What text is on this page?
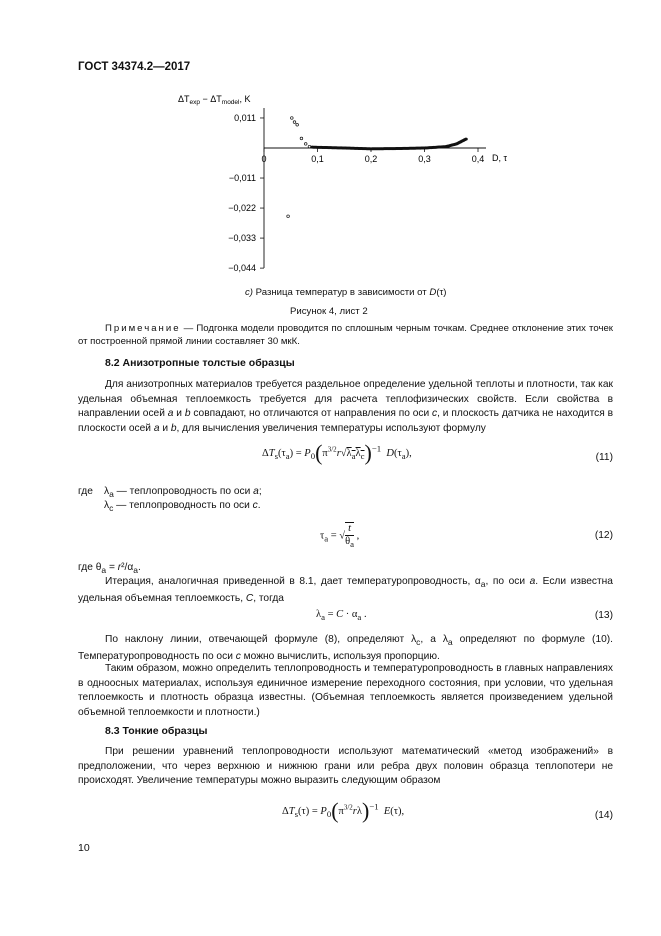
ГОСТ 34374.2—2017
$\Delta T_{exp} - \Delta T_{model}$, K
0	0,1	0,2	0,3	0,4
0,011
−0,011
−0,022
−0,033
−0,044
D, τ
c) Разница температур в зависимости от D(τ)
Рисунок 4, лист 2
Примечание — Подгонка модели проводится по сплошным черным точкам. Среднее отклонение этих точек от построенной прямой линии составляет 30 мкК.
8.2 Анизотропные толстые образцы
Для анизотропных материалов требуется раздельное определение удельной теплоты и плотности, так как удельная объемная теплоемкость требуется для расчета теплофизических свойств. Если свойства в направлении осей a и b совпадают, но отличаются от направления по оси c, и плоскость датчика не находится в плоскости осей a и b, для вычисления увеличения температуры используют формулу
$\Delta T_s(\tau_a) = P_0(\pi^{3/2}r√\lambda_a\lambda_c)^{-1}$ $D(\tau_a)$,	(11)
где $\lambda_a$ — теплопроводность по оси a;
$\lambda_c$ — теплопроводность по оси c.
$\tau_a$ = √ $\frac{t}{\theta_a}$ ,	(12)
где $\theta_a = r^2/\alpha_a$.
Итерация, аналогичная приведенной в 8.1, дает температуропроводность, $\alpha_a$, по оси a. Если известна удельная объемная теплоемкость, C, тогда
$\lambda_a = C \cdot \alpha_a$ .	(13)
По наклону линии, отвечающей формуле (8), определяют $\lambda_c$, а $\lambda_a$ определяют по формуле (10). Температуропроводность по оси c можно вычислить, используя пропорцию.
Таким образом, можно определить теплопроводность и температуропроводность в главных направлениях в одноосных материалах, используя единичное измерение переходного состояния, при условии, что удельная теплоемкость и плотность образца известны. (Объемная теплоемкость является произведением удельной объемной теплоемкости и плотности.)
8.3 Тонкие образцы
При решении уравнений теплопроводности используют математический «метод изображений» в предположении, что через верхнюю и нижнюю грани или ребра двух половин образца теплопотери не происходят. Увеличение температуры можно выразить следующим образом
$\Delta T_s(\tau) = P_0(\pi^{3/2}r\lambda)^{-1}$ E(τ),	(14)
10
